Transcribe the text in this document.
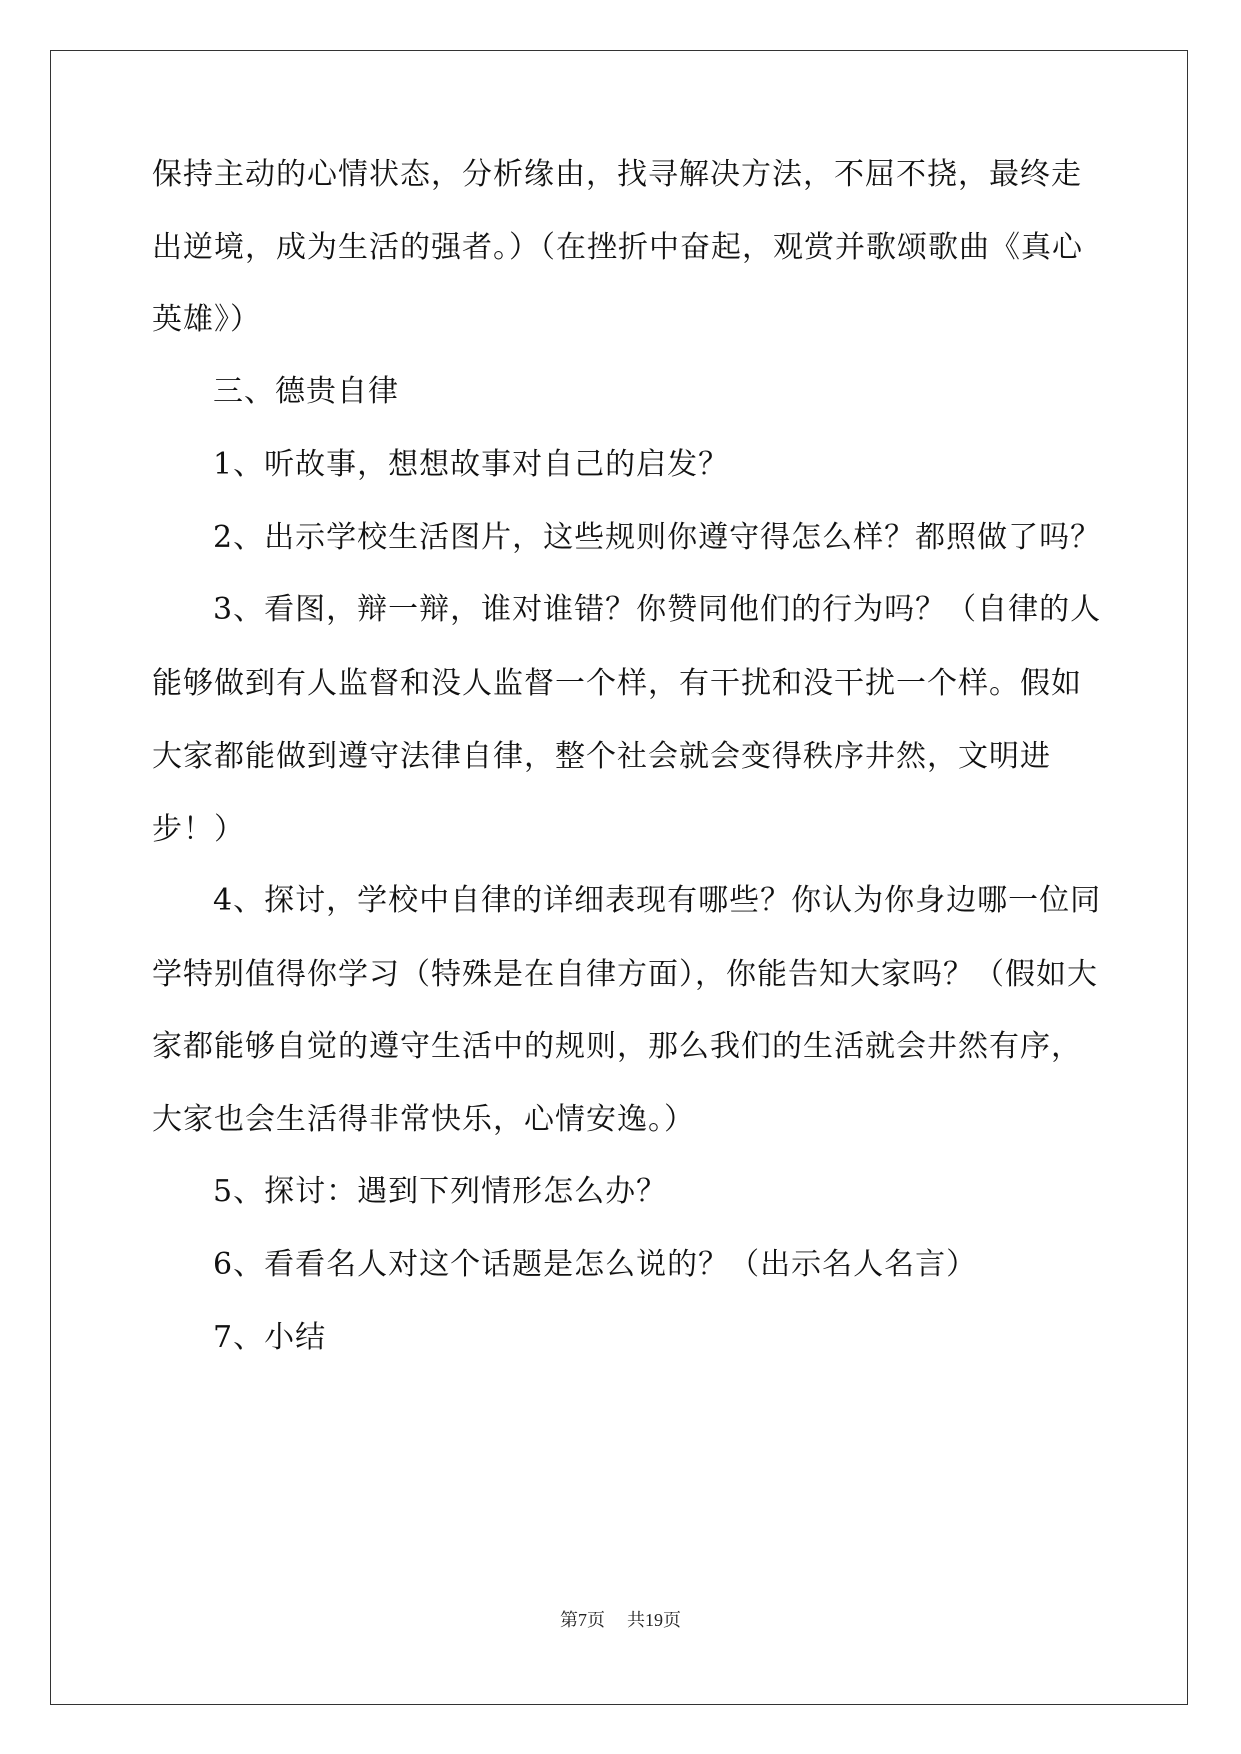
保持主动的心情状态，分析缘由，找寻解决方法，不屈不挠，最终走
出逆境，成为生活的强者。）（在挫折中奋起，观赏并歌颂歌曲《真心
英雄》）
三、德贵自律
1、听故事，想想故事对自己的启发？
2、出示学校生活图片，这些规则你遵守得怎么样？都照做了吗？
3、看图，辩一辩，谁对谁错？你赞同他们的行为吗？（自律的人
能够做到有人监督和没人监督一个样，有干扰和没干扰一个样。假如
大家都能做到遵守法律自律，整个社会就会变得秩序井然，文明进
步！）
4、探讨，学校中自律的详细表现有哪些？你认为你身边哪一位同
学特别值得你学习（特殊是在自律方面），你能告知大家吗？（假如大
家都能够自觉的遵守生活中的规则，那么我们的生活就会井然有序，
大家也会生活得非常快乐，心情安逸。）
5、探讨：遇到下列情形怎么办？
6、看看名人对这个话题是怎么说的？（出示名人名言）
7、小结
第7页 共19页
